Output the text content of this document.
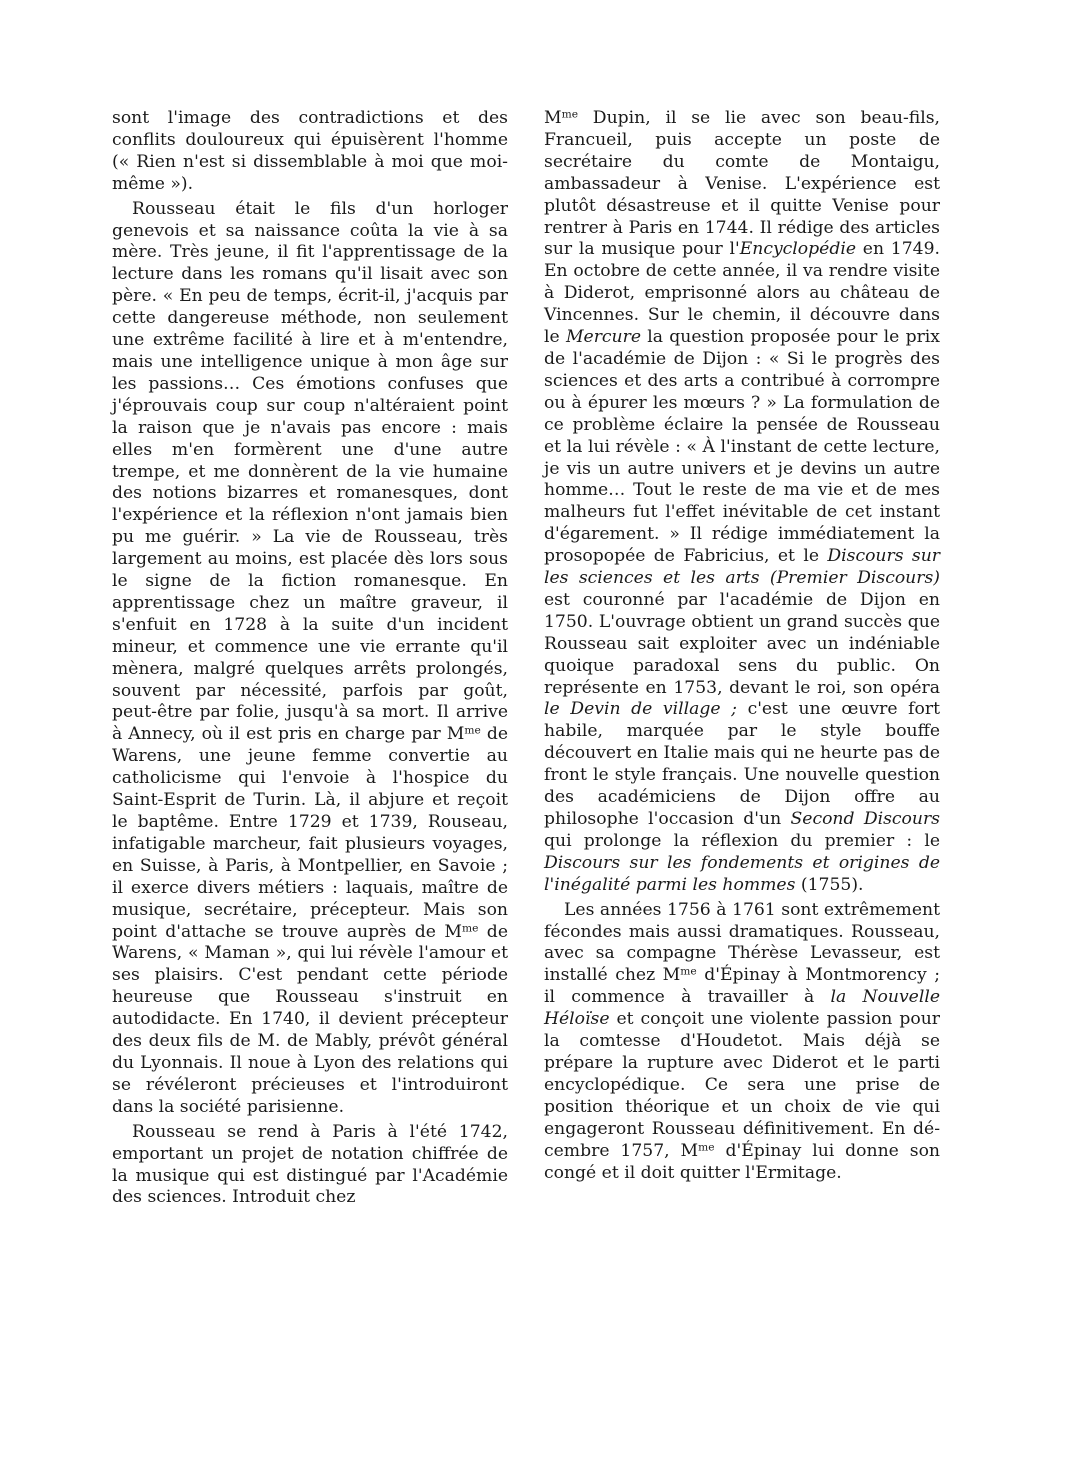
sont l'image des contradictions et des conflits douloureux qui épuisèrent l'homme (« Rien n'est si dissemblable à moi que moi-même »).

Rousseau était le fils d'un horloger genevois et sa naissance coûta la vie à sa mère. Très jeune, il fit l'apprentissage de la lecture dans les romans qu'il lisait avec son père. « En peu de temps, écrit-il, j'acquis par cette dangereuse méthode, non seulement une extrême facilité à lire et à m'entendre, mais une intelligence unique à mon âge sur les passions… Ces émotions confuses que j'éprouvais coup sur coup n'altéraient point la raison que je n'avais pas encore : mais elles m'en formèrent une d'une autre trempe, et me donnèrent de la vie humaine des notions bizarres et romanesques, dont l'expérience et la réflexion n'ont jamais bien pu me guérir. » La vie de Rousseau, très largement au moins, est placée dès lors sous le signe de la fiction romanesque. En apprentissage chez un maître graveur, il s'enfuit en 1728 à la suite d'un incident mineur, et commence une vie errante qu'il mènera, malgré quelques arrêts prolongés, souvent par nécessité, parfois par goût, peut-être par folie, jusqu'à sa mort. Il arrive à Annecy, où il est pris en charge par $M^{me}$ de Warens, une jeune femme convertie au catholicisme qui l'envoie à l'hospice du Saint-Esprit de Turin. Là, il abjure et reçoit le baptême. Entre 1729 et 1739, Rouseau, infatigable marcheur, fait plusieurs voyages, en Suisse, à Paris, à Montpellier, en Savoie ; il exerce divers métiers : laquais, maître de musique, secrétaire, précepteur. Mais son point d'attache se trouve auprès de $M^{me}$ de Warens, « Maman », qui lui révèle l'amour et ses plaisirs. C'est pendant cette période heureuse que Rousseau s'instruit en autodidacte. En 1740, il devient précepteur des deux fils de M. de Mably, prévôt général du Lyonnais. Il noue à Lyon des relations qui se révéleront précieuses et l'introduiront dans la société parisienne.

Rousseau se rend à Paris à l'été 1742, emportant un projet de notation chiffrée de la musique qui est distingué par l'Académie des sciences. Introduit chez

$M^{me}$ Dupin, il se lie avec son beau-fils, Francueil, puis accepte un poste de secrétaire du comte de Montaigu, ambassadeur à Venise. L'expérience est plutôt désastreuse et il quitte Venise pour rentrer à Paris en 1744. Il rédige des articles sur la musique pour l'Encyclopédie en 1749. En octobre de cette année, il va rendre visite à Diderot, emprisonné alors au château de Vincennes. Sur le chemin, il découvre dans le Mercure la question proposée pour le prix de l'académie de Dijon : « Si le progrès des sciences et des arts a contribué à corrompre ou à épurer les mœurs ? » La formulation de ce problème éclaire la pensée de Rousseau et la lui révèle : « À l'instant de cette lecture, je vis un autre univers et je devins un autre homme… Tout le reste de ma vie et de mes malheurs fut l'effet inévitable de cet instant d'égarement. » Il rédige immédiatement la prosopopée de Fabricius, et le Discours sur les sciences et les arts (Premier Discours) est couronné par l'académie de Dijon en 1750. L'ouvrage obtient un grand succès que Rousseau sait exploiter avec un indéniable quoique paradoxal sens du public. On représente en 1753, devant le roi, son opéra le Devin de village ; c'est une œuvre fort habile, marquée par le style bouffe découvert en Italie mais qui ne heurte pas de front le style français. Une nouvelle question des académiciens de Dijon offre au philosophe l'occasion d'un Second Discours qui prolonge la réflexion du premier : le Discours sur les fondements et origines de l'inégalité parmi les hommes (1755).

Les années 1756 à 1761 sont extrêmement fécondes mais aussi dramatiques. Rousseau, avec sa compagne Thérèse Levasseur, est installé chez $M^{me}$ d'Épinay à Montmorency ; il commence à travailler à la Nouvelle Héloïse et conçoit une violente passion pour la comtesse d'Houdetot. Mais déjà se prépare la rupture avec Diderot et le parti encyclopédique. Ce sera une prise de position théorique et un choix de vie qui engageront Rousseau définitivement. En décembre 1757, $M^{me}$ d'Épinay lui donne son congé et il doit quitter l'Ermitage.
